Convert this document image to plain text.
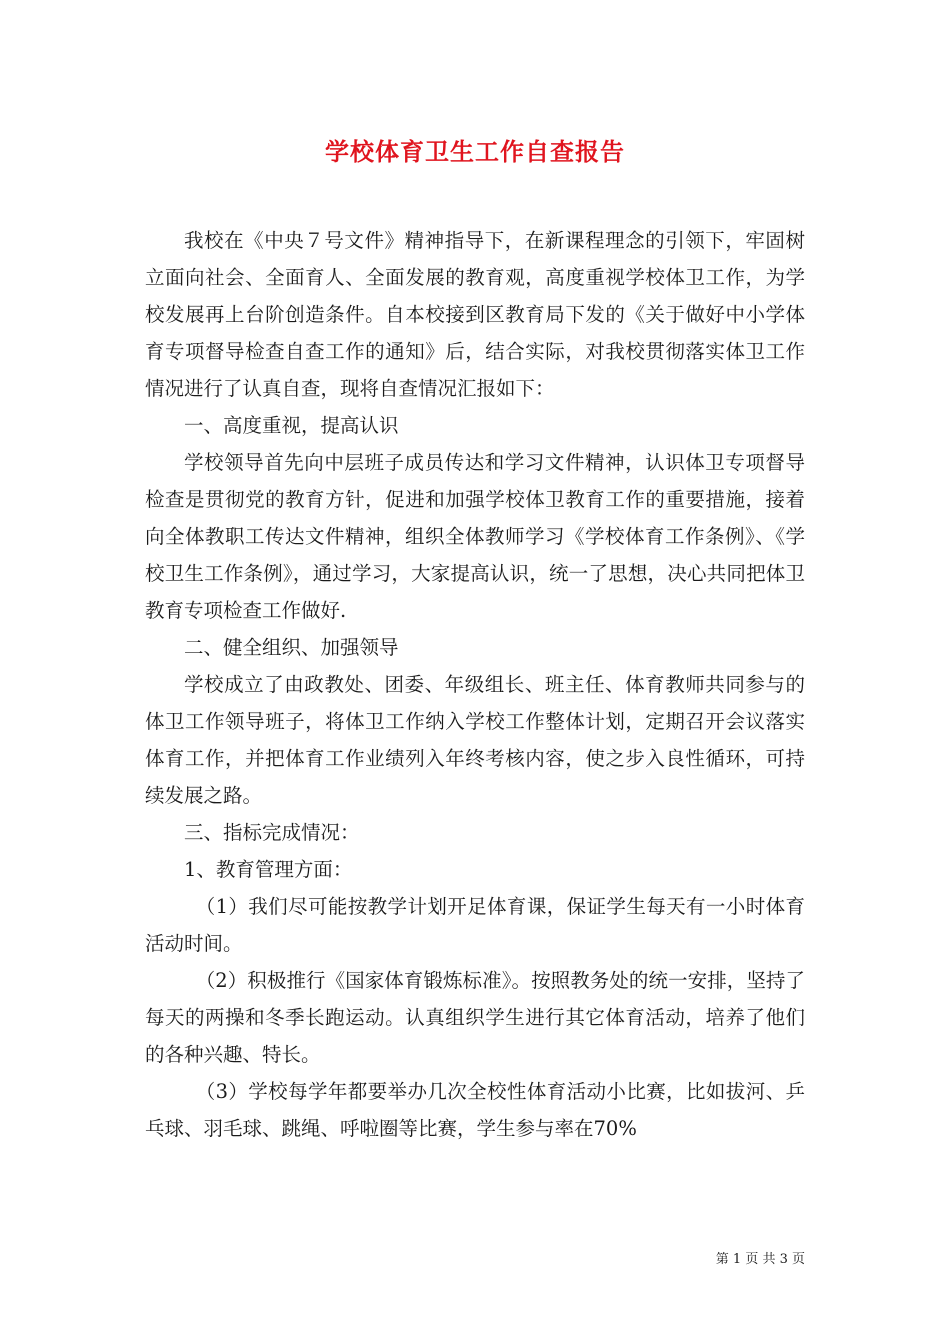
学校体育卫生工作自查报告

我校在《中央７号文件》精神指导下，在新课程理念的引领下，牢固树立面向社会、全面育人、全面发展的教育观，高度重视学校体卫工作，为学校发展再上台阶创造条件。自本校接到区教育局下发的《关于做好中小学体育专项督导检查自查工作的通知》后，结合实际，对我校贯彻落实体卫工作情况进行了认真自查，现将自查情况汇报如下：

一、高度重视，提高认识

学校领导首先向中层班子成员传达和学习文件精神，认识体卫专项督导检查是贯彻党的教育方针，促进和加强学校体卫教育工作的重要措施，接着向全体教职工传达文件精神，组织全体教师学习《学校体育工作条例》、《学校卫生工作条例》，通过学习，大家提高认识，统一了思想，决心共同把体卫教育专项检查工作做好.

二、健全组织、加强领导

学校成立了由政教处、团委、年级组长、班主任、体育教师共同参与的体卫工作领导班子，将体卫工作纳入学校工作整体计划，定期召开会议落实体育工作，并把体育工作业绩列入年终考核内容，使之步入良性循环，可持续发展之路。

三、指标完成情况：

1、教育管理方面：

（1）我们尽可能按教学计划开足体育课，保证学生每天有一小时体育活动时间。

（2）积极推行《国家体育锻炼标准》。按照教务处的统一安排，坚持了每天的两操和冬季长跑运动。认真组织学生进行其它体育活动，培养了他们的各种兴趣、特长。

（3）学校每学年都要举办几次全校性体育活动小比赛，比如拔河、乒乓球、羽毛球、跳绳、呼啦圈等比赛，学生参与率在70%

第 1 页 共 3 页
